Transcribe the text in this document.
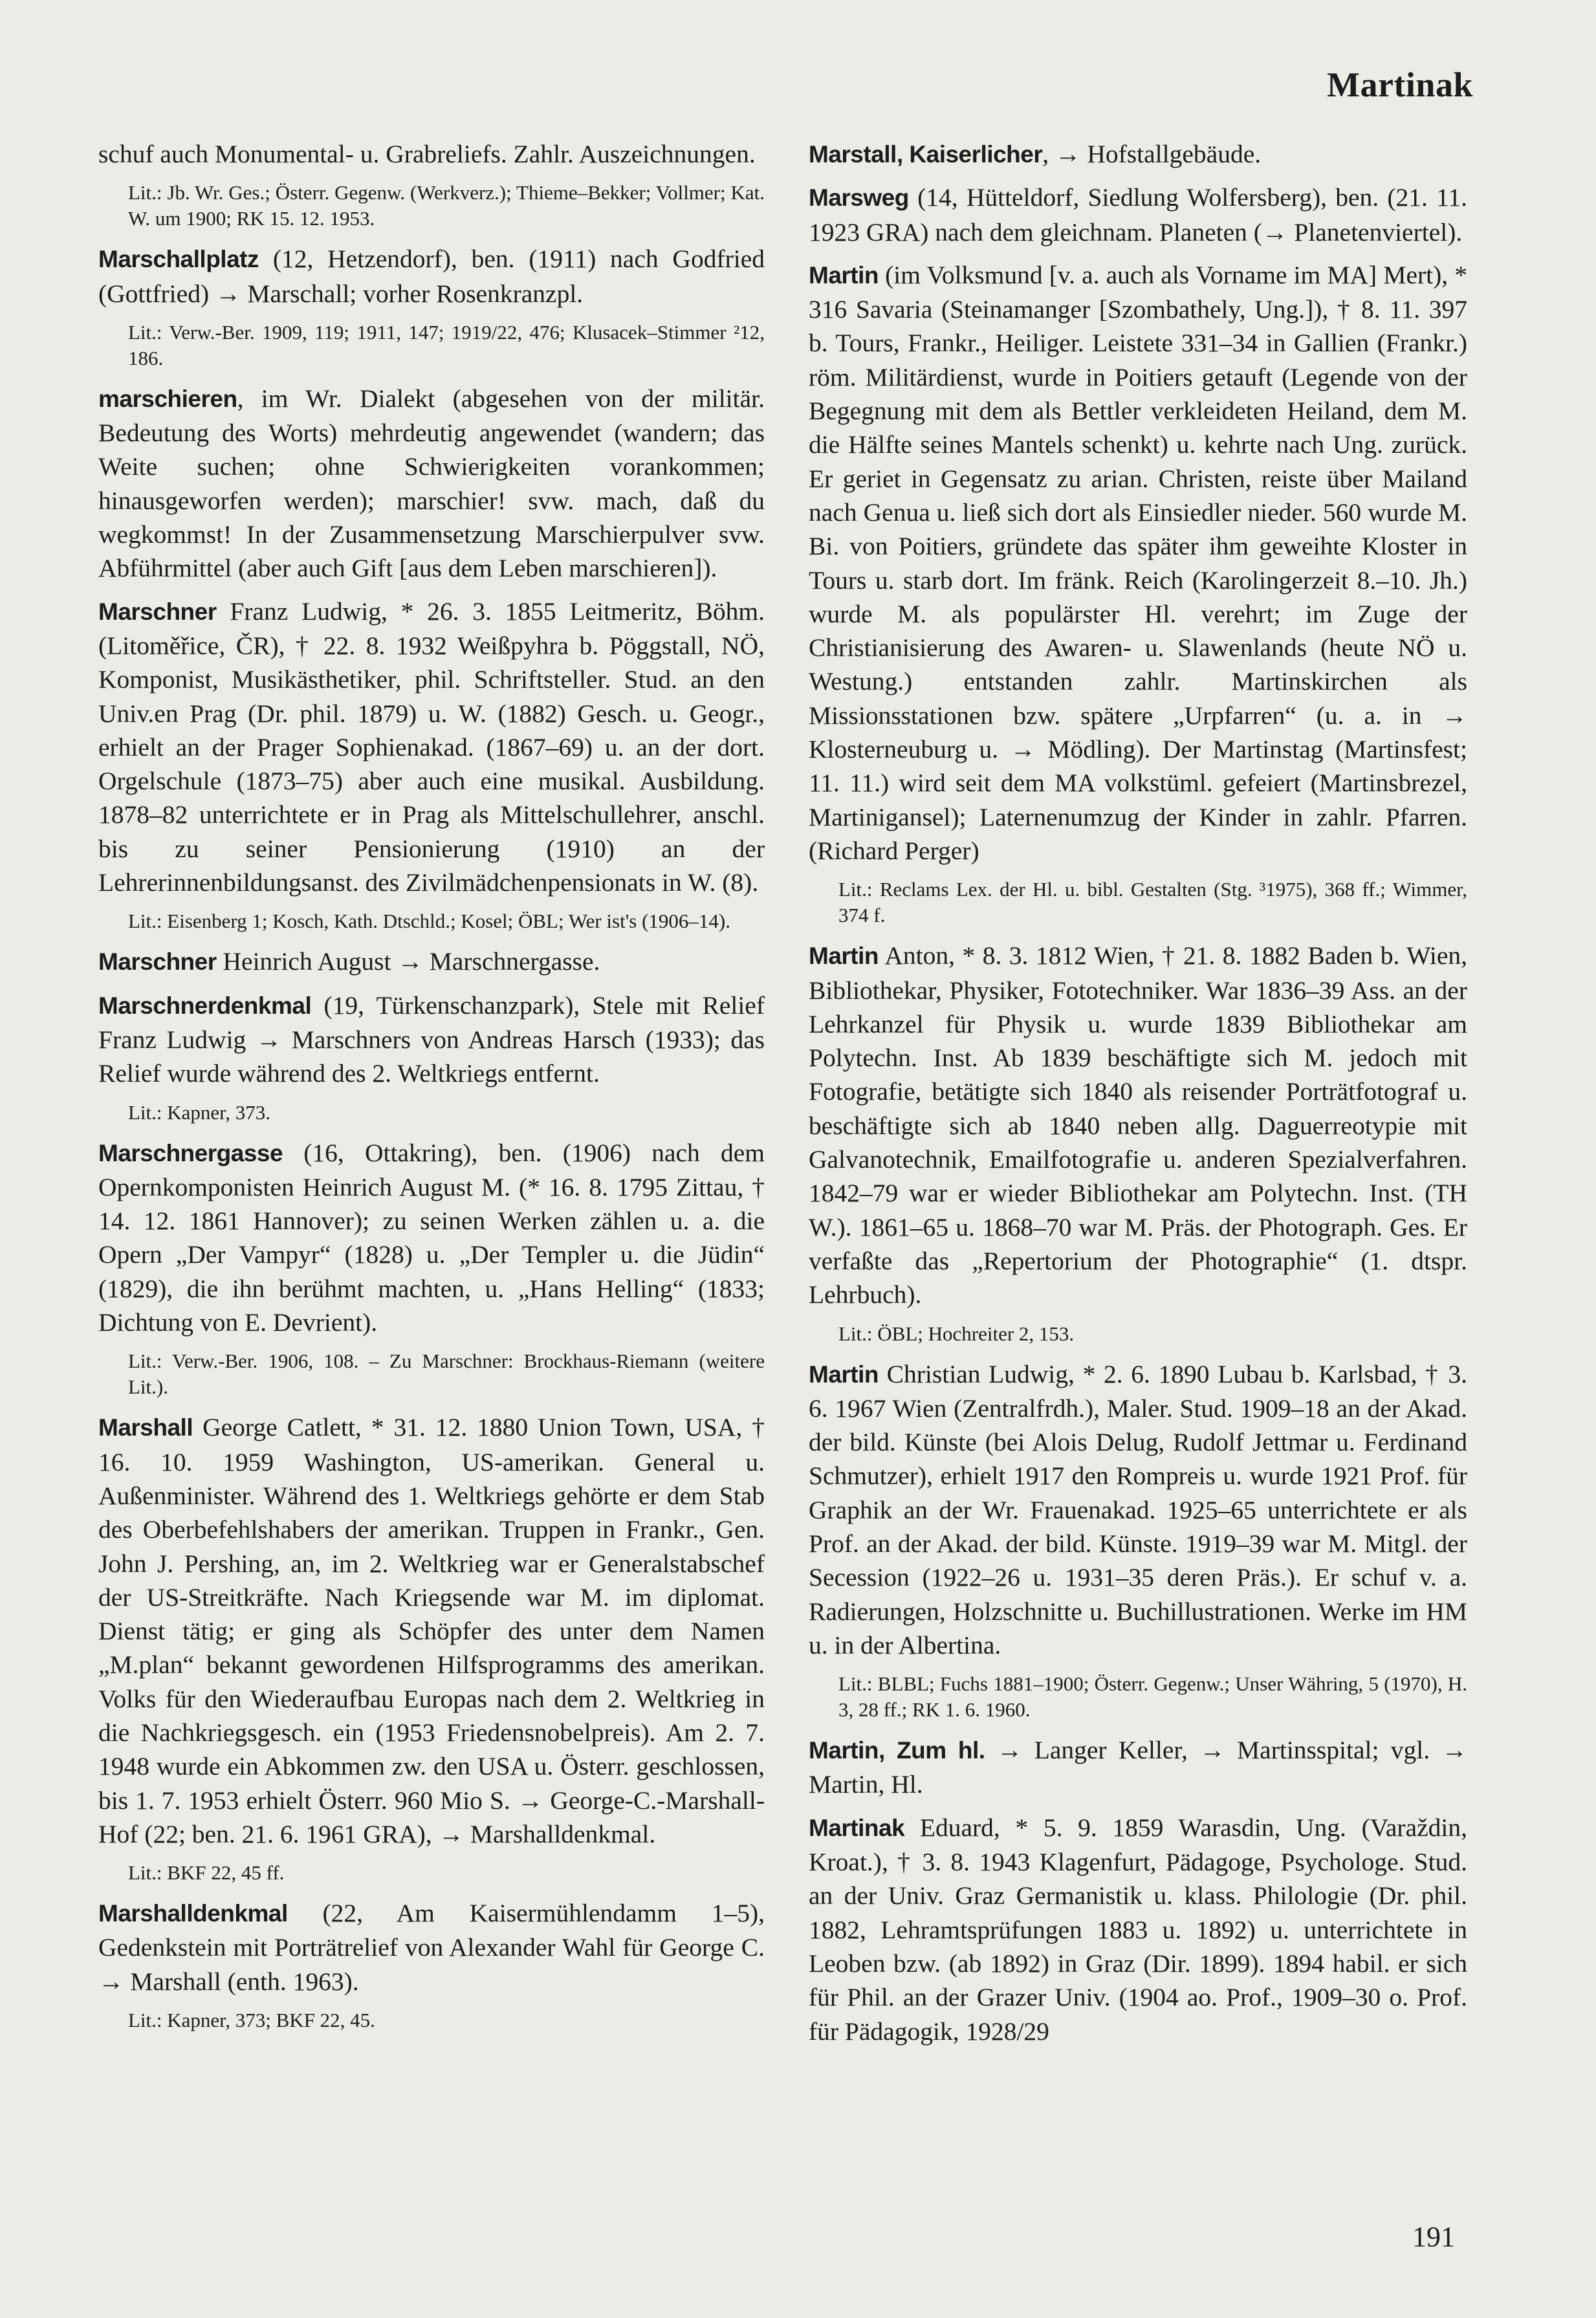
Martinak
schuf auch Monumental- u. Grabreliefs. Zahlr. Auszeichnungen.
Lit.: Jb. Wr. Ges.; Österr. Gegenw. (Werkverz.); Thieme–Bekker; Vollmer; Kat. W. um 1900; RK 15. 12. 1953.
Marschallplatz (12, Hetzendorf), ben. (1911) nach Godfried (Gottfried) → Marschall; vorher Rosenkranzpl.
Lit.: Verw.-Ber. 1909, 119; 1911, 147; 1919/22, 476; Klusacek–Stimmer ²12, 186.
marschieren, im Wr. Dialekt (abgesehen von der militär. Bedeutung des Worts) mehrdeutig angewendet (wandern; das Weite suchen; ohne Schwierigkeiten vorankommen; hinausgeworfen werden); marschier! svw. mach, daß du wegkommst! In der Zusammensetzung Marschierpulver svw. Abführmittel (aber auch Gift [aus dem Leben marschieren]).
Marschner Franz Ludwig, * 26. 3. 1855 Leitmeritz, Böhm. (Litoměřice, ČR), † 22. 8. 1932 Weißpyhra b. Pöggstall, NÖ, Komponist, Musikästhetiker, phil. Schriftsteller. Stud. an den Univ.en Prag (Dr. phil. 1879) u. W. (1882) Gesch. u. Geogr., erhielt an der Prager Sophienakad. (1867–69) u. an der dort. Orgelschule (1873–75) aber auch eine musikal. Ausbildung. 1878–82 unterrichtete er in Prag als Mittelschullehrer, anschl. bis zu seiner Pensionierung (1910) an der Lehrerinnenbildungsanst. des Zivilmädchenpensionats in W. (8).
Lit.: Eisenberg 1; Kosch, Kath. Dtschld.; Kosel; ÖBL; Wer ist's (1906–14).
Marschner Heinrich August → Marschnergasse.
Marschnerdenkmal (19, Türkenschanzpark), Stele mit Relief Franz Ludwig → Marschners von Andreas Harsch (1933); das Relief wurde während des 2. Weltkriegs entfernt.
Lit.: Kapner, 373.
Marschnergasse (16, Ottakring), ben. (1906) nach dem Opernkomponisten Heinrich August M. (* 16. 8. 1795 Zittau, † 14. 12. 1861 Hannover); zu seinen Werken zählen u. a. die Opern „Der Vampyr“ (1828) u. „Der Templer u. die Jüdin“ (1829), die ihn berühmt machten, u. „Hans Helling“ (1833; Dichtung von E. Devrient).
Lit.: Verw.-Ber. 1906, 108. – Zu Marschner: Brockhaus-Riemann (weitere Lit.).
Marshall George Catlett, * 31. 12. 1880 Union Town, USA, † 16. 10. 1959 Washington, US-amerikan. General u. Außenminister. Während des 1. Weltkriegs gehörte er dem Stab des Oberbefehlshabers der amerikan. Truppen in Frankr., Gen. John J. Pershing, an, im 2. Weltkrieg war er Generalstabschef der US-Streitkräfte. Nach Kriegsende war M. im diplomat. Dienst tätig; er ging als Schöpfer des unter dem Namen „M.plan“ bekannt gewordenen Hilfsprogramms des amerikan. Volks für den Wiederaufbau Europas nach dem 2. Weltkrieg in die Nachkriegsgesch. ein (1953 Friedensnobelpreis). Am 2. 7. 1948 wurde ein Abkommen zw. den USA u. Österr. geschlossen, bis 1. 7. 1953 erhielt Österr. 960 Mio S. → George-C.-Marshall-Hof (22; ben. 21. 6. 1961 GRA), → Marshalldenkmal.
Lit.: BKF 22, 45 ff.
Marshalldenkmal (22, Am Kaisermühlendamm 1–5), Gedenkstein mit Porträtrelief von Alexander Wahl für George C. → Marshall (enth. 1963).
Lit.: Kapner, 373; BKF 22, 45.
Marstall, Kaiserlicher, → Hofstallgebäude.
Marsweg (14, Hütteldorf, Siedlung Wolfersberg), ben. (21. 11. 1923 GRA) nach dem gleichnam. Planeten (→ Planetenviertel).
Martin (im Volksmund [v. a. auch als Vorname im MA] Mert), * 316 Savaria (Steinamanger [Szombathely, Ung.]), † 8. 11. 397 b. Tours, Frankr., Heiliger. Leistete 331–34 in Gallien (Frankr.) röm. Militärdienst, wurde in Poitiers getauft (Legende von der Begegnung mit dem als Bettler verkleideten Heiland, dem M. die Hälfte seines Mantels schenkt) u. kehrte nach Ung. zurück. Er geriet in Gegensatz zu arian. Christen, reiste über Mailand nach Genua u. ließ sich dort als Einsiedler nieder. 560 wurde M. Bi. von Poitiers, gründete das später ihm geweihte Kloster in Tours u. starb dort. Im fränk. Reich (Karolingerzeit 8.–10. Jh.) wurde M. als populärster Hl. verehrt; im Zuge der Christianisierung des Awaren- u. Slawenlands (heute NÖ u. Westung.) entstanden zahlr. Martinskirchen als Missionsstationen bzw. spätere „Urpfarren“ (u. a. in → Klosterneuburg u. → Mödling). Der Martinstag (Martinsfest; 11. 11.) wird seit dem MA volkstüml. gefeiert (Martinsbrezel, Martinigansel); Laternenumzug der Kinder in zahlr. Pfarren. (Richard Perger)
Lit.: Reclams Lex. der Hl. u. bibl. Gestalten (Stg. ³1975), 368 ff.; Wimmer, 374 f.
Martin Anton, * 8. 3. 1812 Wien, † 21. 8. 1882 Baden b. Wien, Bibliothekar, Physiker, Fototechniker. War 1836–39 Ass. an der Lehrkanzel für Physik u. wurde 1839 Bibliothekar am Polytechn. Inst. Ab 1839 beschäftigte sich M. jedoch mit Fotografie, betätigte sich 1840 als reisender Porträtfotograf u. beschäftigte sich ab 1840 neben allg. Daguerreotypie mit Galvanotechnik, Emailfotografie u. anderen Spezialverfahren. 1842–79 war er wieder Bibliothekar am Polytechn. Inst. (TH W.). 1861–65 u. 1868–70 war M. Präs. der Photograph. Ges. Er verfaßte das „Repertorium der Photographie“ (1. dtspr. Lehrbuch).
Lit.: ÖBL; Hochreiter 2, 153.
Martin Christian Ludwig, * 2. 6. 1890 Lubau b. Karlsbad, † 3. 6. 1967 Wien (Zentralfrdh.), Maler. Stud. 1909–18 an der Akad. der bild. Künste (bei Alois Delug, Rudolf Jettmar u. Ferdinand Schmutzer), erhielt 1917 den Rompreis u. wurde 1921 Prof. für Graphik an der Wr. Frauenakad. 1925–65 unterrichtete er als Prof. an der Akad. der bild. Künste. 1919–39 war M. Mitgl. der Secession (1922–26 u. 1931–35 deren Präs.). Er schuf v. a. Radierungen, Holzschnitte u. Buchillustrationen. Werke im HM u. in der Albertina.
Lit.: BLBL; Fuchs 1881–1900; Österr. Gegenw.; Unser Währing, 5 (1970), H. 3, 28 ff.; RK 1. 6. 1960.
Martin, Zum hl. → Langer Keller, → Martinsspital; vgl. → Martin, Hl.
Martinak Eduard, * 5. 9. 1859 Warasdin, Ung. (Varaždin, Kroat.), † 3. 8. 1943 Klagenfurt, Pädagoge, Psychologe. Stud. an der Univ. Graz Germanistik u. klass. Philologie (Dr. phil. 1882, Lehramtsprüfungen 1883 u. 1892) u. unterrichtete in Leoben bzw. (ab 1892) in Graz (Dir. 1899). 1894 habil. er sich für Phil. an der Grazer Univ. (1904 ao. Prof., 1909–30 o. Prof. für Pädagogik, 1928/29
191
